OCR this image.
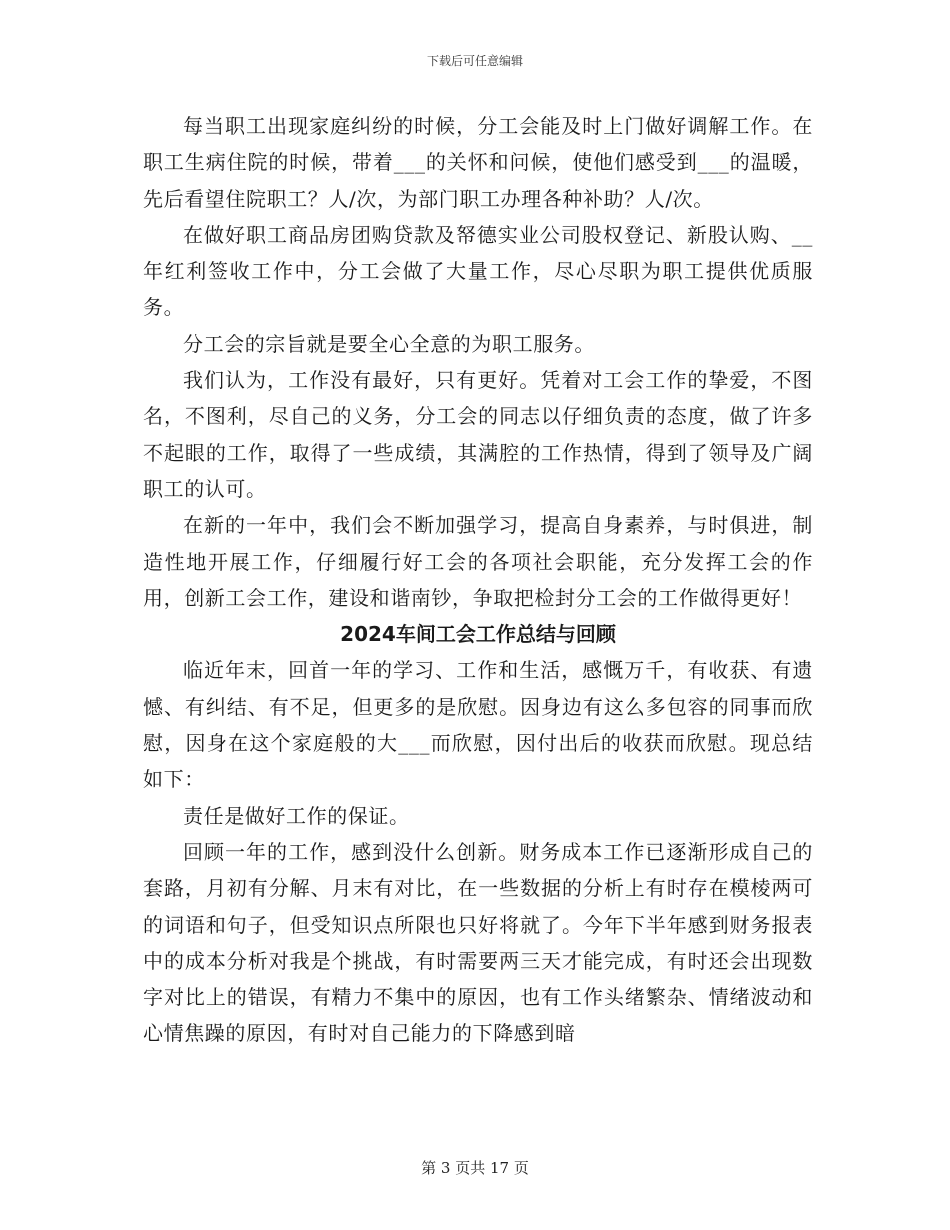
下载后可任意编辑

每当职工出现家庭纠纷的时候，分工会能及时上门做好调解工作。在职工生病住院的时候，带着___的关怀和问候，使他们感受到___的温暖，先后看望住院职工？人/次，为部门职工办理各种补助？人/次。

在做好职工商品房团购贷款及帑德实业公司股权登记、新股认购、__年红利签收工作中，分工会做了大量工作，尽心尽职为职工提供优质服务。

分工会的宗旨就是要全心全意的为职工服务。

我们认为，工作没有最好，只有更好。凭着对工会工作的挚爱，不图名，不图利，尽自己的义务，分工会的同志以仔细负责的态度，做了许多不起眼的工作，取得了一些成绩，其满腔的工作热情，得到了领导及广阔职工的认可。

在新的一年中，我们会不断加强学习，提高自身素养，与时俱进，制造性地开展工作，仔细履行好工会的各项社会职能，充分发挥工会的作用，创新工会工作，建设和谐南钞，争取把检封分工会的工作做得更好！

2024车间工会工作总结与回顾

临近年末，回首一年的学习、工作和生活，感慨万千，有收获、有遗憾、有纠结、有不足，但更多的是欣慰。因身边有这么多包容的同事而欣慰，因身在这个家庭般的大___而欣慰，因付出后的收获而欣慰。现总结如下：

责任是做好工作的保证。

回顾一年的工作，感到没什么创新。财务成本工作已逐渐形成自己的套路，月初有分解、月末有对比，在一些数据的分析上有时存在模棱两可的词语和句子，但受知识点所限也只好将就了。今年下半年感到财务报表中的成本分析对我是个挑战，有时需要两三天才能完成，有时还会出现数字对比上的错误，有精力不集中的原因，也有工作头绪繁杂、情绪波动和心情焦躁的原因，有时对自己能力的下降感到暗

第 3 页共 17 页
